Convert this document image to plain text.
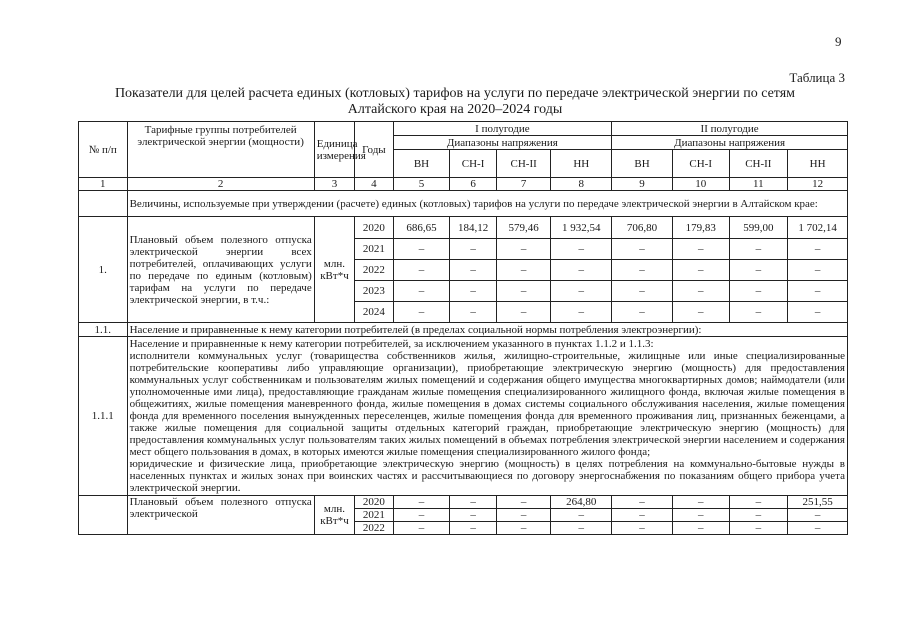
9
Таблица 3
Показатели для целей расчета единых (котловых) тарифов на услуги по передаче электрической энергии по сетям Алтайского края на 2020–2024 годы
№ п/п	Тарифные группы потребителей электрической энергии (мощности)	Единица измерения	Годы	I полугодие				II полугодие			
				Диапазоны напряжения				Диапазоны напряжения			
				ВН	СН-I	СН-II	НН	ВН	СН-I	СН-II	НН
1	2	3	4	5	6	7	8	9	10	11	12
	Величины, используемые при утверждении (расчете) единых (котловых) тарифов на услуги по передаче электрической энергии в Алтайском крае:										
1.	Плановый объем полезного отпуска электрической энергии всех потребителей, оплачивающих услуги по передаче по единым (котловым) тарифам на услуги по передаче электрической энергии, в т.ч.:	млн. кВт*ч	2020	686,65	184,12	579,46	1 932,54	706,80	179,83	599,00	1 702,14
			2021	–	–	–	–	–	–	–	–
			2022	–	–	–	–	–	–	–	–
			2023	–	–	–	–	–	–	–	–
			2024	–	–	–	–	–	–	–	–
1.1.	Население и приравненные к нему категории потребителей (в пределах социальной нормы потребления электроэнергии):										
1.1.1	Население и приравненные к нему категории потребителей, за исключением указанного в пунктах 1.1.2 и 1.1.3:
исполнители коммунальных услуг (товарищества собственников жилья, жилищно-строительные, жилищные или иные специализированные потребительские кооперативы либо управляющие организации), приобретающие электрическую энергию (мощность) для предоставления коммунальных услуг собственникам и пользователям жилых помещений и содержания общего имущества многоквартирных домов; наймодатели (или уполномоченные ими лица), предоставляющие гражданам жилые помещения специализированного жилищного фонда, включая жилые помещения в общежитиях, жилые помещения маневренного фонда, жилые помещения в домах системы социального обслуживания населения, жилые помещения фонда для временного поселения вынужденных переселенцев, жилые помещения фонда для временного проживания лиц, признанных беженцами, а также жилые помещения для социальной защиты отдельных категорий граждан, приобретающие электрическую энергию (мощность) для предоставления коммунальных услуг пользователям таких жилых помещений в объемах потребления электрической энергии населением и содержания мест общего пользования в домах, в которых имеются жилые помещения специализированного жилого фонда;
юридические и физические лица, приобретающие электрическую энергию (мощность) в целях потребления на коммунально-бытовые нужды в населенных пунктах и жилых зонах при воинских частях и рассчитывающиеся по договору энергоснабжения по показаниям общего прибора учета электрической энергии.										

	Плановый объем полезного отпуска электрической	млн. кВт*ч	2020	–	–	–	264,80	–	–	–	251,55
			2021	–	–	–	–	–	–	–	–
			2022	–	–	–	–	–	–	–	–
